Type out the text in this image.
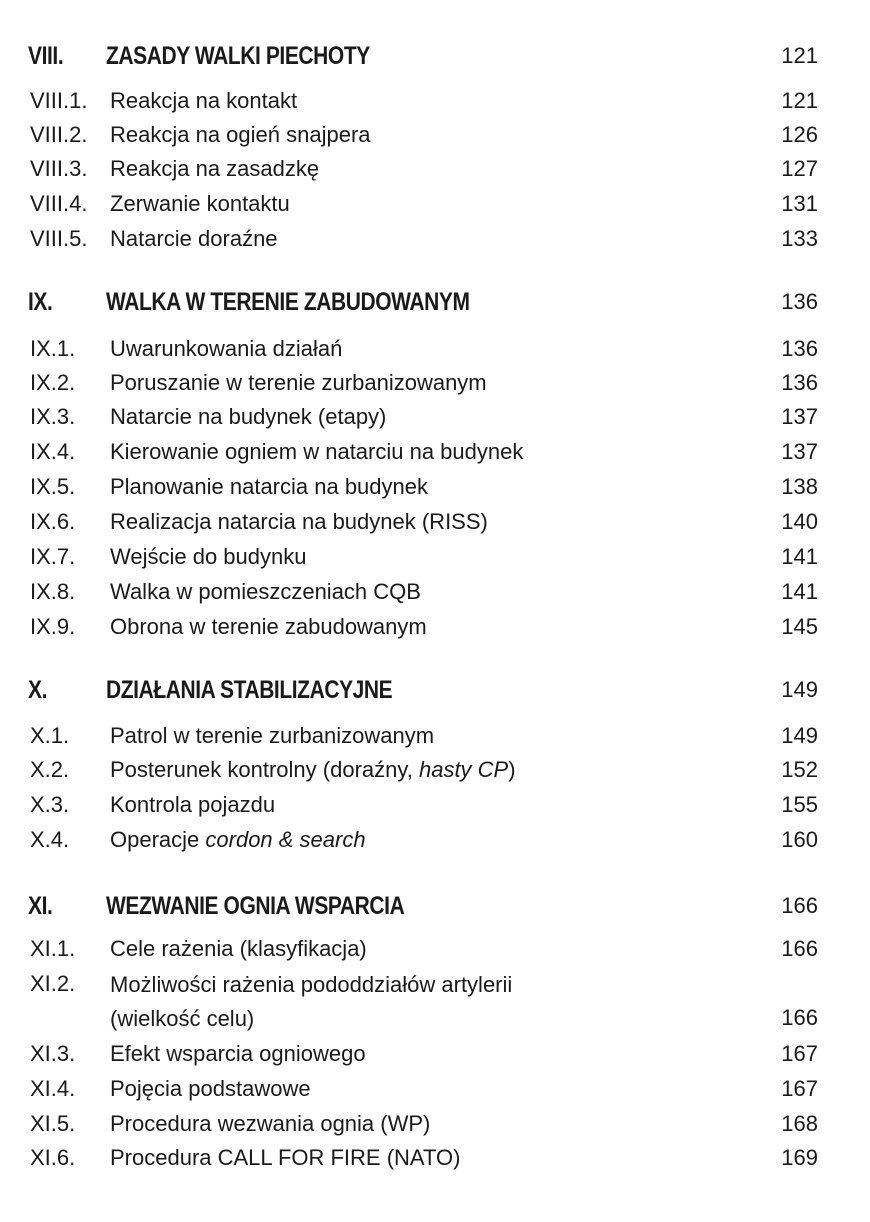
VIII. ZASADY WALKI PIECHOTY	121
VIII.1. Reakcja na kontakt	121
VIII.2. Reakcja na ogień snajpera	126
VIII.3. Reakcja na zasadzkę	127
VIII.4. Zerwanie kontaktu	131
VIII.5. Natarcie doraźne	133
IX. WALKA W TERENIE ZABUDOWANYM	136
IX.1. Uwarunkowania działań	136
IX.2. Poruszanie w terenie zurbanizowanym	136
IX.3. Natarcie na budynek (etapy)	137
IX.4. Kierowanie ogniem w natarciu na budynek	137
IX.5. Planowanie natarcia na budynek	138
IX.6. Realizacja natarcia na budynek (RISS)	140
IX.7. Wejście do budynku	141
IX.8. Walka w pomieszczeniach CQB	141
IX.9. Obrona w terenie zabudowanym	145
X. DZIAŁANIA STABILIZACYJNE	149
X.1. Patrol w terenie zurbanizowanym	149
X.2. Posterunek kontrolny (doraźny, hasty CP)	152
X.3. Kontrola pojazdu	155
X.4. Operacje cordon & search	160
XI. WEZWANIE OGNIA WSPARCIA	166
XI.1. Cele rażenia (klasyfikacja)	166
XI.2. Możliwości rażenia pododdziałów artylerii
(wielkość celu)	166
XI.3. Efekt wsparcia ogniowego	167
XI.4. Pojęcia podstawowe	167
XI.5. Procedura wezwania ognia (WP)	168
XI.6. Procedura CALL FOR FIRE (NATO)	169
